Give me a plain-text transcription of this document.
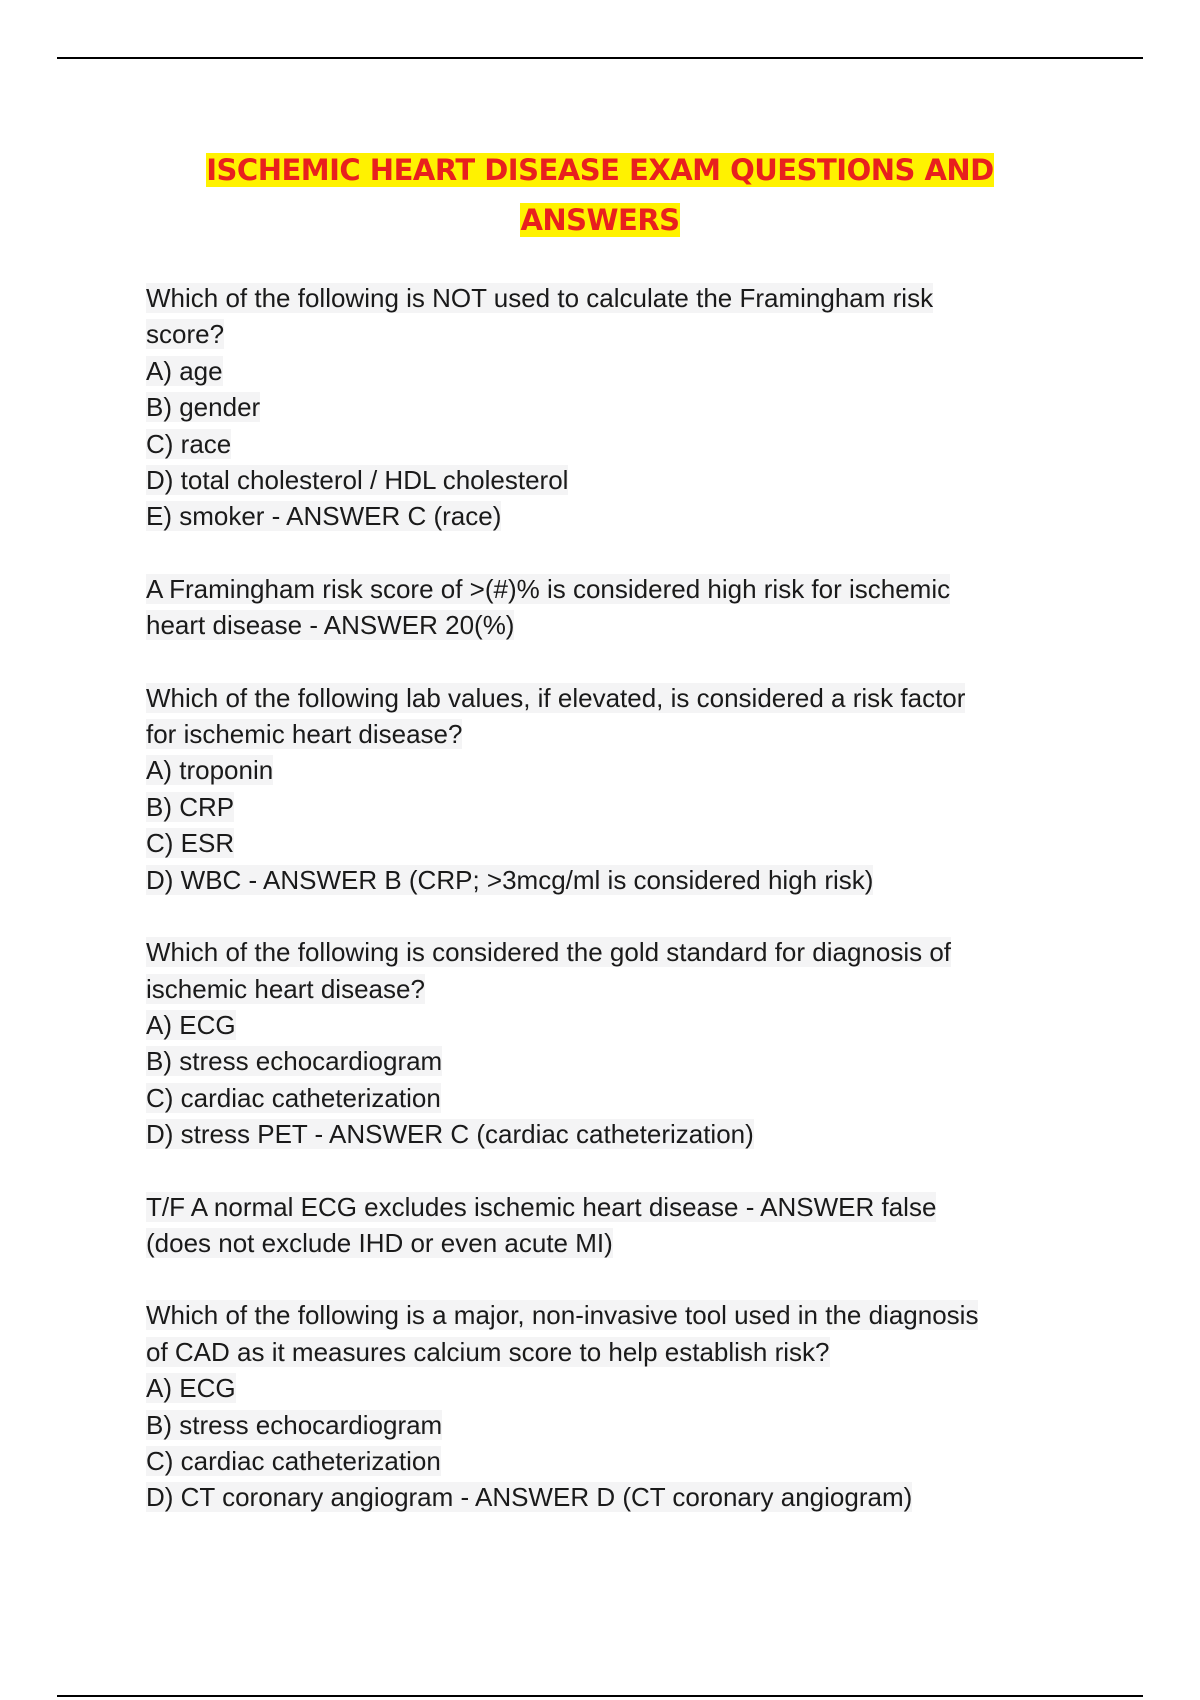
ISCHEMIC HEART DISEASE EXAM QUESTIONS AND
ANSWERS
Which of the following is NOT used to calculate the Framingham risk
score?
A) age
B) gender
C) race
D) total cholesterol / HDL cholesterol
E) smoker - ANSWER C (race)
A Framingham risk score of >(#)% is considered high risk for ischemic
heart disease - ANSWER 20(%)
Which of the following lab values, if elevated, is considered a risk factor
for ischemic heart disease?
A) troponin
B) CRP
C) ESR
D) WBC - ANSWER B (CRP; >3mcg/ml is considered high risk)
Which of the following is considered the gold standard for diagnosis of
ischemic heart disease?
A) ECG
B) stress echocardiogram
C) cardiac catheterization
D) stress PET - ANSWER C (cardiac catheterization)
T/F A normal ECG excludes ischemic heart disease - ANSWER false
(does not exclude IHD or even acute MI)
Which of the following is a major, non-invasive tool used in the diagnosis
of CAD as it measures calcium score to help establish risk?
A) ECG
B) stress echocardiogram
C) cardiac catheterization
D) CT coronary angiogram - ANSWER D (CT coronary angiogram)
